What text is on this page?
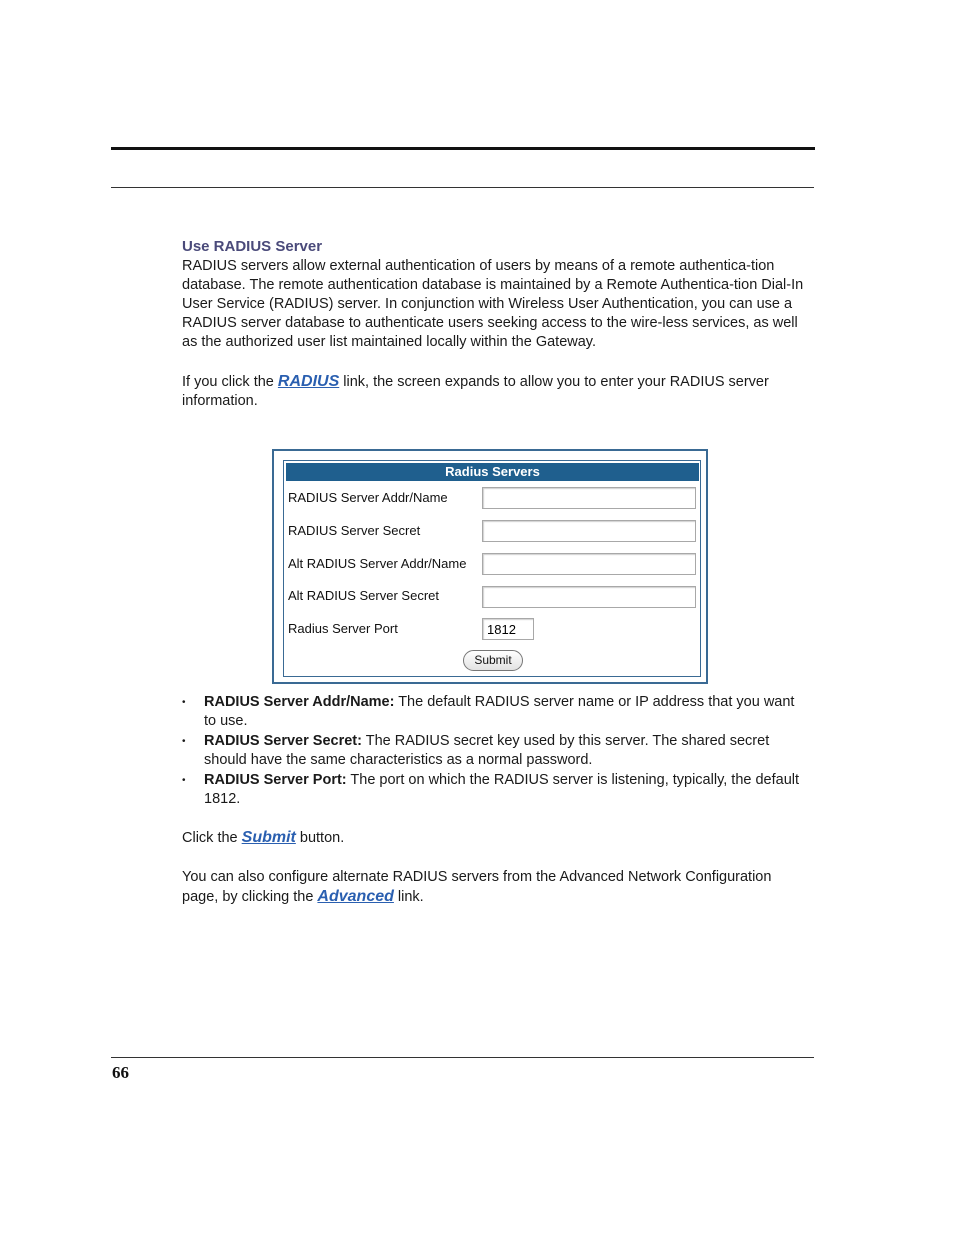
Use RADIUS Server

RADIUS servers allow external authentication of users by means of a remote authentica-tion database. The remote authentication database is maintained by a Remote Authentica-tion Dial-In User Service (RADIUS) server. In conjunction with Wireless User Authentication, you can use a RADIUS server database to authenticate users seeking access to the wire-less services, as well as the authorized user list maintained locally within the Gateway.

If you click the RADIUS link, the screen expands to allow you to enter your RADIUS server information.

Radius Servers
RADIUS Server Addr/Name
RADIUS Server Secret
Alt RADIUS Server Addr/Name
Alt RADIUS Server Secret
Radius Server Port
1812
Submit
• RADIUS Server Addr/Name: The default RADIUS server name or IP address that you want to use.
• RADIUS Server Secret: The RADIUS secret key used by this server. The shared secret should have the same characteristics as a normal password.
• RADIUS Server Port: The port on which the RADIUS server is listening, typically, the default 1812.

Click the Submit button.

You can also configure alternate RADIUS servers from the Advanced Network Configuration page, by clicking the Advanced link.

66
